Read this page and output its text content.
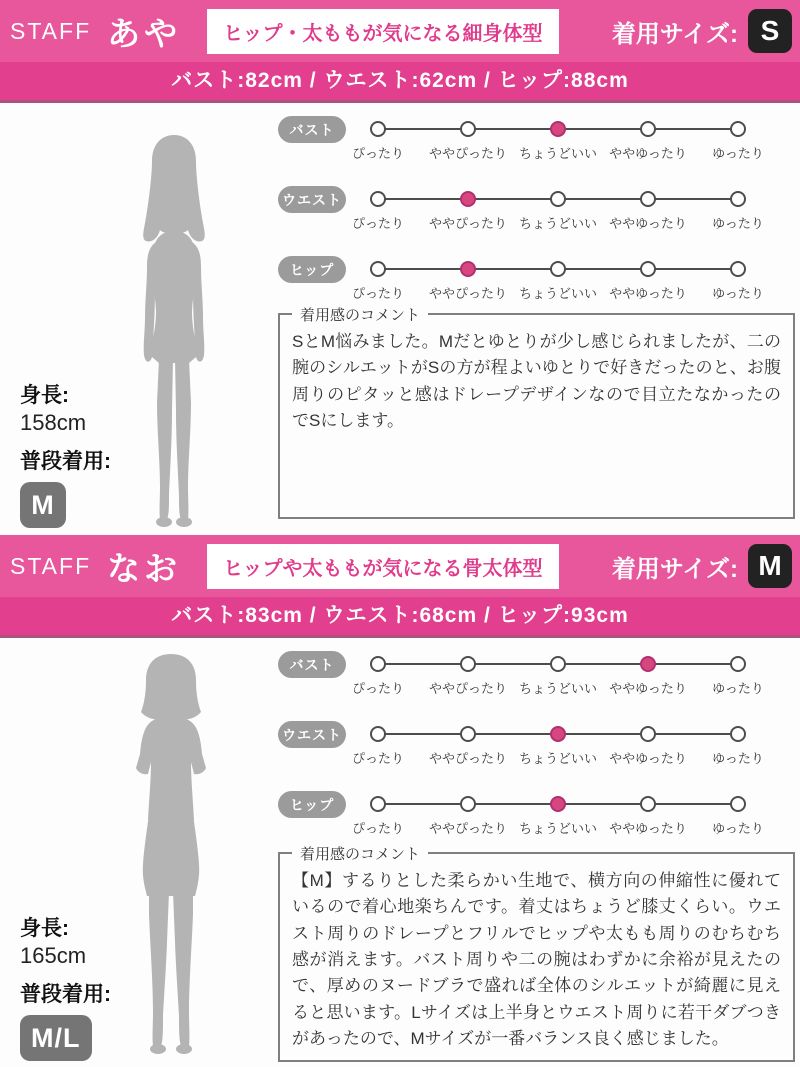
STAFF あや	ヒップ・太ももが気になる細身体型	着用サイズ: S
バスト:82cm / ウエスト:62cm / ヒップ:88cm
身長:
158cm
普段着用:
M
バスト
ぴったり ややぴったり ちょうどいい ややゆったり ゆったり
ウエスト
ぴったり ややぴったり ちょうどいい ややゆったり ゆったり
ヒップ
ぴったり ややぴったり ちょうどいい ややゆったり ゆったり
着用感のコメント

SとM悩みました。Mだとゆとりが少し感じられましたが、二の腕のシルエットがSの方が程よいゆとりで好きだったのと、お腹周りのピタッと感はドレープデザインなので目立たなかったのでSにします。

STAFF なお	ヒップや太ももが気になる骨太体型	着用サイズ: M
バスト:83cm / ウエスト:68cm / ヒップ:93cm
身長:
165cm
普段着用:
M/L
バスト
ぴったり ややぴったり ちょうどいい ややゆったり ゆったり
ウエスト
ぴったり ややぴったり ちょうどいい ややゆったり ゆったり
ヒップ
ぴったり ややぴったり ちょうどいい ややゆったり ゆったり
着用感のコメント

【M】するりとした柔らかい生地で、横方向の伸縮性に優れているので着心地楽ちんです。着丈はちょうど膝丈くらい。ウエスト周りのドレープとフリルでヒップや太もも周りのむちむち感が消えます。バスト周りや二の腕はわずかに余裕が見えたので、厚めのヌードブラで盛れば全体のシルエットが綺麗に見えると思います。Lサイズは上半身とウエスト周りに若干ダブつきがあったので、Mサイズが一番バランス良く感じました。
